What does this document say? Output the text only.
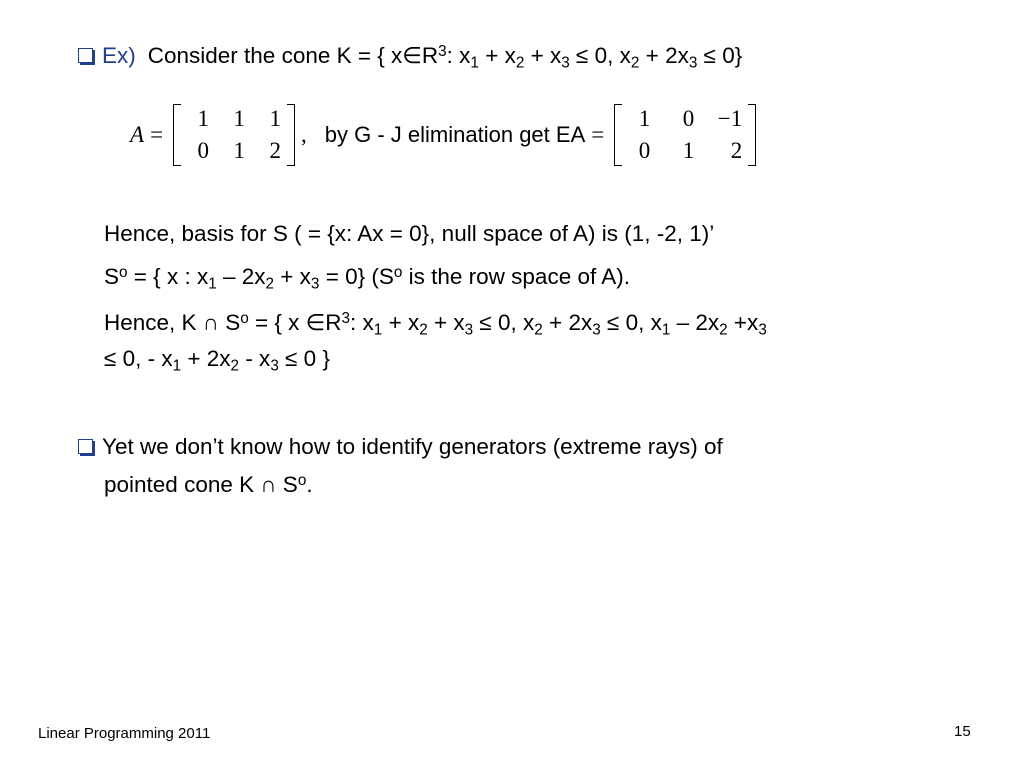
Ex) Consider the cone K = { $x\in R^3$: $x_1 + x_2 + x_3 \le 0$, $x_2 + 2x_3 \le 0$}
A =
1	1	1
0	1	2
, by G - J elimination get EA =
1	0	−1
0	1	2
Hence, basis for S ( = {x: Ax = 0}, null space of A) is (1, -2, 1)’
$S^o$ = { x : $x_1 - 2x_2 + x_3 = 0$} ($S^o$ is the row space of A).
Hence, K ∩ $S^o$ = { x $\in R^3$: $x_1 + x_2 + x_3 \le 0$, $x_2 + 2x_3 \le 0$, $x_1 - 2x_2 +x_3$
≤ 0, - $x_1 + 2x_2 - x_3 \le 0$ }
Yet we don’t know how to identify generators (extreme rays) of
pointed cone K ∩ $S^o$.
Linear Programming 2011	15
